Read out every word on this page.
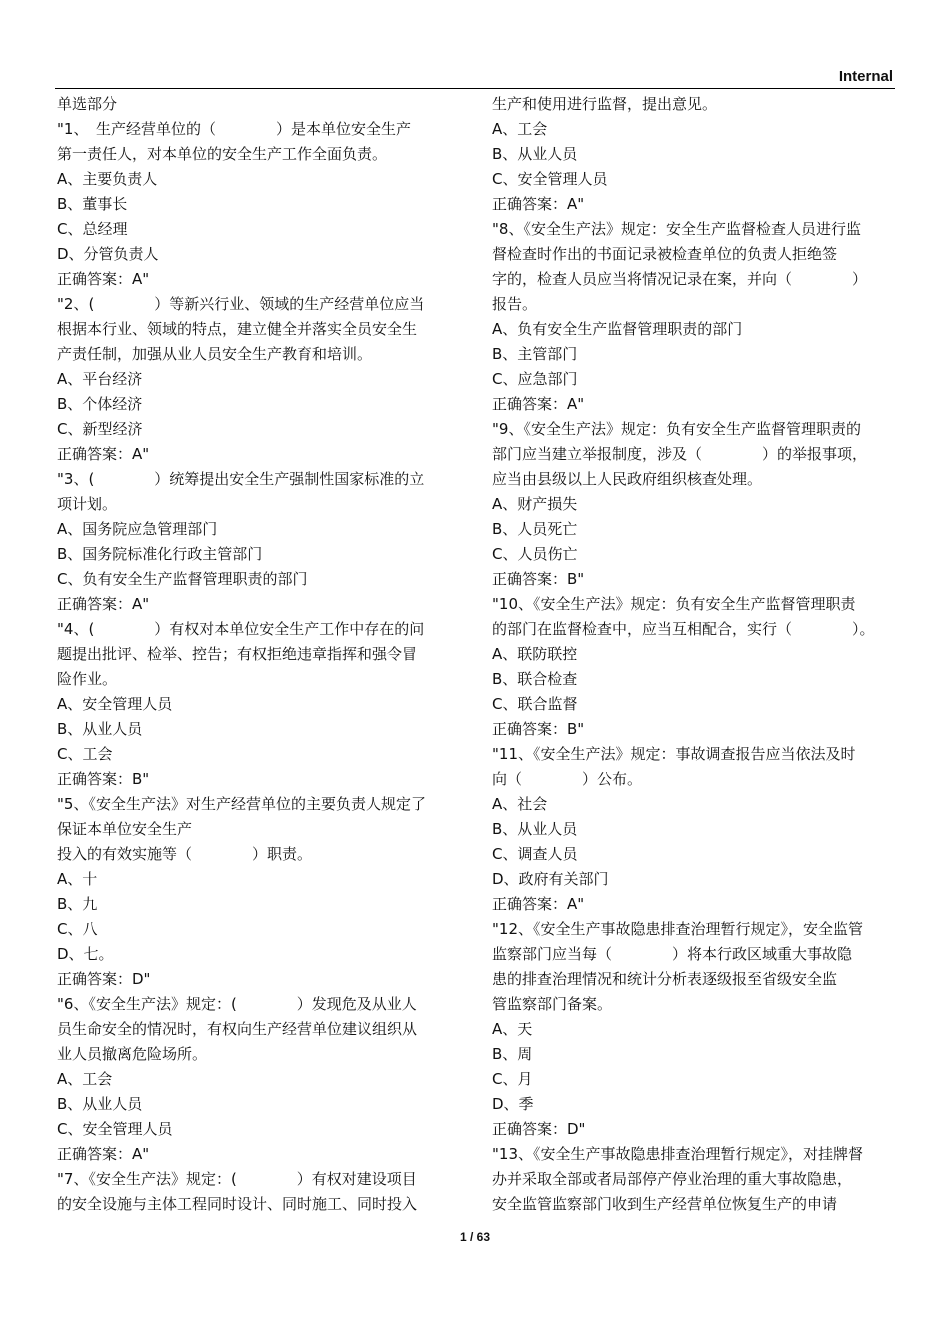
Internal
单选部分
"1、　生产经营单位的（　　　　）是本单位安全生产
第一责任人，对本单位的安全生产工作全面负责。
A、主要负责人
B、董事长
C、总经理
D、分管负责人
正确答案：A"
"2、(　　　　）等新兴行业、领域的生产经营单位应当
根据本行业、领域的特点，建立健全并落实全员安全生
产责任制，加强从业人员安全生产教育和培训。
A、平台经济
B、个体经济
C、新型经济
正确答案：A"
"3、(　　　　）统筹提出安全生产强制性国家标准的立
项计划。
A、国务院应急管理部门
B、国务院标准化行政主管部门
C、负有安全生产监督管理职责的部门
正确答案：A"
"4、(　　　　）有权对本单位安全生产工作中存在的问
题提出批评、检举、控告；有权拒绝违章指挥和强令冒
险作业。
A、安全管理人员
B、从业人员
C、工会
正确答案：B"
"5、《安全生产法》对生产经营单位的主要负责人规定了
保证本单位安全生产
投入的有效实施等（　　　　）职责。
A、十
B、九
C、八
D、七。
正确答案：D"
"6、《安全生产法》规定：(　　　　）发现危及从业人
员生命安全的情况时，有权向生产经营单位建议组织从
业人员撤离危险场所。
A、工会
B、从业人员
C、安全管理人员
正确答案：A"
"7、《安全生产法》规定：(　　　　）有权对建设项目
的安全设施与主体工程同时设计、同时施工、同时投入
生产和使用进行监督，提出意见。
A、工会
B、从业人员
C、安全管理人员
正确答案：A"
"8、《安全生产法》规定：安全生产监督检查人员进行监
督检查时作出的书面记录被检查单位的负责人拒绝签
字的，检查人员应当将情况记录在案，并向（　　　　）
报告。
A、负有安全生产监督管理职责的部门
B、主管部门
C、应急部门
正确答案：A"
"9、《安全生产法》规定：负有安全生产监督管理职责的
部门应当建立举报制度，涉及（　　　　）的举报事项，
应当由县级以上人民政府组织核查处理。
A、财产损失
B、人员死亡
C、人员伤亡
正确答案：B"
"10、《安全生产法》规定：负有安全生产监督管理职责
的部门在监督检查中，应当互相配合，实行（　　　　）。
A、联防联控
B、联合检查
C、联合监督
正确答案：B"
"11、《安全生产法》规定：事故调查报告应当依法及时
向（　　　　）公布。
A、社会
B、从业人员
C、调查人员
D、政府有关部门
正确答案：A"
"12、《安全生产事故隐患排查治理暂行规定》，安全监管
监察部门应当每（　　　　）将本行政区域重大事故隐
患的排查治理情况和统计分析表逐级报至省级安全监
管监察部门备案。
A、天
B、周
C、月
D、季
正确答案：D"
"13、《安全生产事故隐患排查治理暂行规定》，对挂牌督
办并采取全部或者局部停产停业治理的重大事故隐患，
安全监管监察部门收到生产经营单位恢复生产的申请
1 / 63
